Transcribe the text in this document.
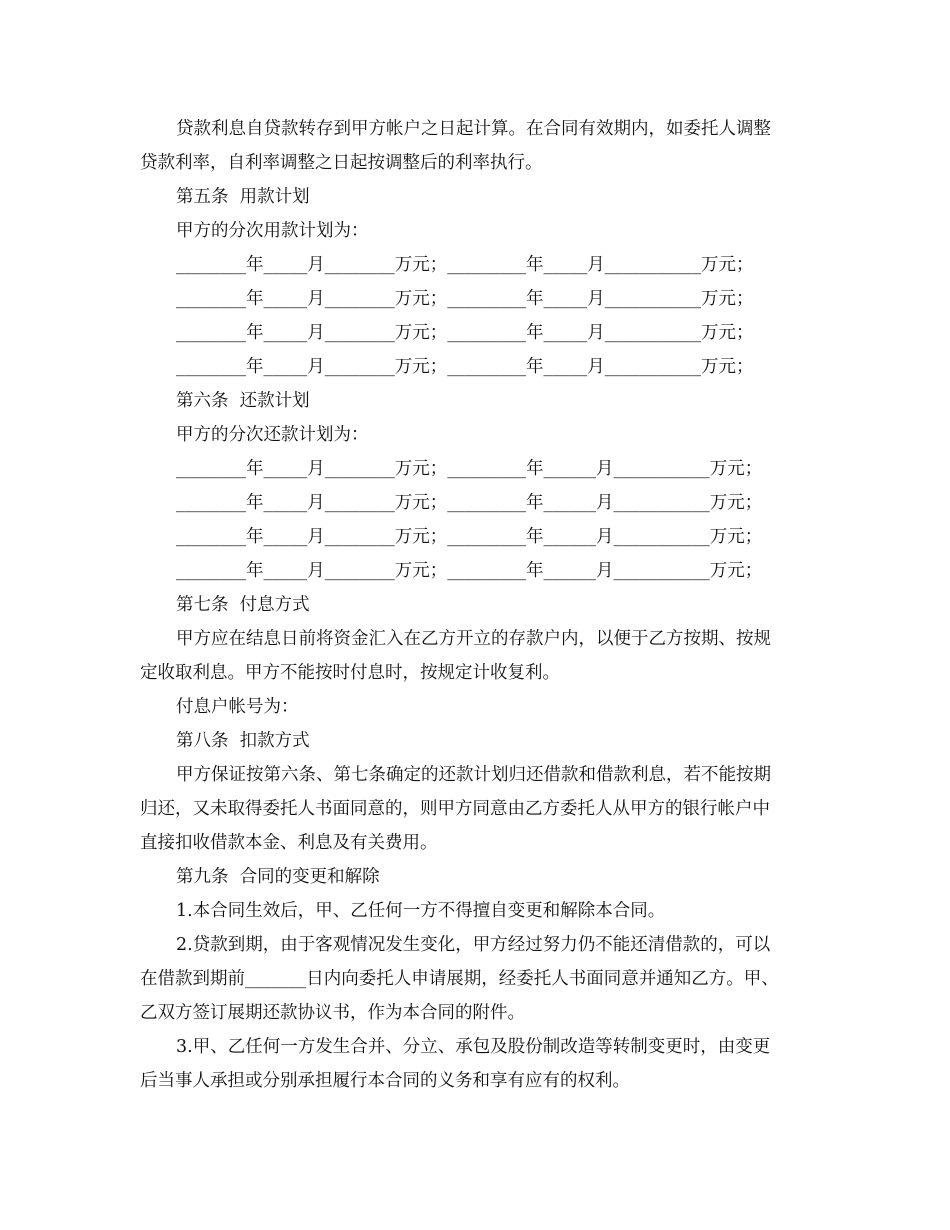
贷款利息自贷款转存到甲方帐户之日起计算。在合同有效期内，如委托人调整
贷款利率，自利率调整之日起按调整后的利率执行。
第五条  用款计划
甲方的分次用款计划为：
________年_____月________万元；_________年_____月___________万元；
________年_____月________万元；_________年_____月___________万元；
________年_____月________万元；_________年_____月___________万元；
________年_____月________万元；_________年_____月___________万元；
第六条  还款计划
甲方的分次还款计划为：
________年_____月________万元；_________年______月___________万元；
________年_____月________万元；_________年______月___________万元；
________年_____月________万元；_________年______月___________万元；
________年_____月________万元；_________年______月___________万元；
第七条  付息方式
甲方应在结息日前将资金汇入在乙方开立的存款户内，以便于乙方按期、按规
定收取利息。甲方不能按时付息时，按规定计收复利。
付息户帐号为：
第八条  扣款方式
甲方保证按第六条、第七条确定的还款计划归还借款和借款利息，若不能按期
归还，又未取得委托人书面同意的，则甲方同意由乙方委托人从甲方的银行帐户中
直接扣收借款本金、利息及有关费用。
第九条  合同的变更和解除
1.本合同生效后，甲、乙任何一方不得擅自变更和解除本合同。
2.贷款到期，由于客观情况发生变化，甲方经过努力仍不能还清借款的，可以
在借款到期前_______日内向委托人申请展期，经委托人书面同意并通知乙方。甲、
乙双方签订展期还款协议书，作为本合同的附件。
3.甲、乙任何一方发生合并、分立、承包及股份制改造等转制变更时，由变更
后当事人承担或分别承担履行本合同的义务和享有应有的权利。
